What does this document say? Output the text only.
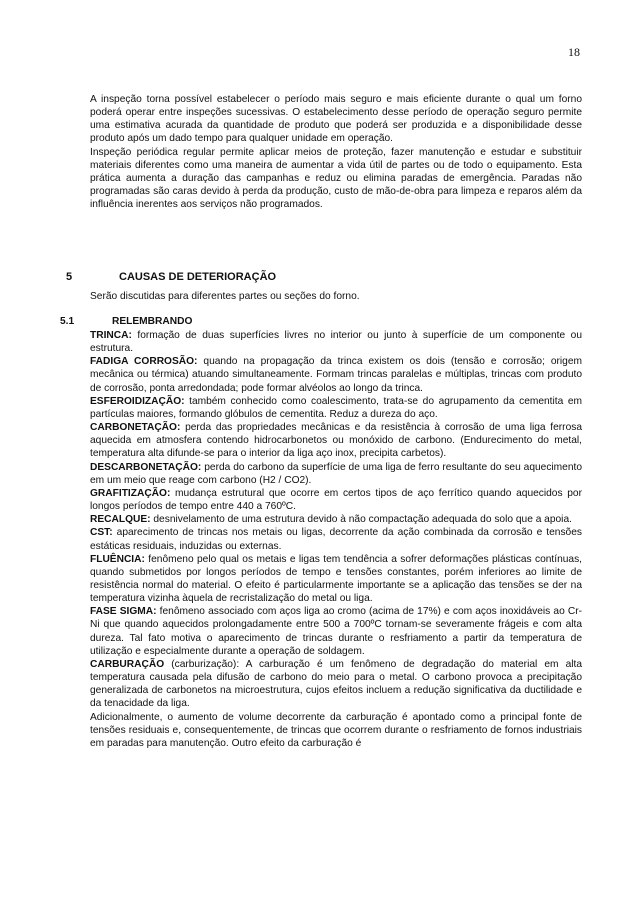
18

A inspeção torna possível estabelecer o período mais seguro e mais eficiente durante o qual um forno poderá operar entre inspeções sucessivas. O estabelecimento desse período de operação seguro permite uma estimativa acurada da quantidade de produto que poderá ser produzida e a disponibilidade desse produto após um dado tempo para qualquer unidade em operação.

Inspeção periódica regular permite aplicar meios de proteção, fazer manutenção e estudar e substituir materiais diferentes como uma maneira de aumentar a vida útil de partes ou de todo o equipamento. Esta prática aumenta a duração das campanhas e reduz ou elimina paradas de emergência. Paradas não programadas são caras devido à perda da produção, custo de mão-de-obra para limpeza e reparos além da influência inerentes aos serviços não programados.

5	CAUSAS DE DETERIORAÇÃO
Serão discutidas para diferentes partes ou seções do forno.
5.1	RELEMBRANDO

TRINCA: formação de duas superfícies livres no interior ou junto à superfície de um componente ou estrutura.

FADIGA CORROSÃO: quando na propagação da trinca existem os dois (tensão e corrosão; origem mecânica ou térmica) atuando simultaneamente. Formam trincas paralelas e múltiplas, trincas com produto de corrosão, ponta arredondada; pode formar alvéolos ao longo da trinca.

ESFEROIDIZAÇÃO: também conhecido como coalescimento, trata-se do agrupamento da cementita em partículas maiores, formando glóbulos de cementita. Reduz a dureza do aço.

CARBONETAÇÃO: perda das propriedades mecânicas e da resistência à corrosão de uma liga ferrosa aquecida em atmosfera contendo hidrocarbonetos ou monóxido de carbono. (Endurecimento do metal, temperatura alta difunde-se para o interior da liga aço inox, precipita carbetos).

DESCARBONETAÇÃO: perda do carbono da superfície de uma liga de ferro resultante do seu aquecimento em um meio que reage com carbono (H2 / CO2).

GRAFITIZAÇÃO: mudança estrutural que ocorre em certos tipos de aço ferrítico quando aquecidos por longos períodos de tempo entre 440 a 760ºC.

RECALQUE: desnivelamento de uma estrutura devido à não compactação adequada do solo que a apoia.

CST: aparecimento de trincas nos metais ou ligas, decorrente da ação combinada da corrosão e tensões estáticas residuais, induzidas ou externas.

FLUÊNCIA: fenômeno pelo qual os metais e ligas tem tendência a sofrer deformações plásticas contínuas, quando submetidos por longos períodos de tempo e tensões constantes, porém inferiores ao limite de resistência normal do material. O efeito é particularmente importante se a aplicação das tensões se der na temperatura vizinha àquela de recristalização do metal ou liga.

FASE SIGMA: fenômeno associado com aços liga ao cromo (acima de 17%) e com aços inoxidáveis ao Cr-Ni que quando aquecidos prolongadamente entre 500 a 700ºC tornam-se severamente frágeis e com alta dureza. Tal fato motiva o aparecimento de trincas durante o resfriamento a partir da temperatura de utilização e especialmente durante a operação de soldagem.

CARBURAÇÃO (carburização): A carburação é um fenômeno de degradação do material em alta temperatura causada pela difusão de carbono do meio para o metal. O carbono provoca a precipitação generalizada de carbonetos na microestrutura, cujos efeitos incluem a redução significativa da ductilidade e da tenacidade da liga.

Adicionalmente, o aumento de volume decorrente da carburação é apontado como a principal fonte de tensões residuais e, consequentemente, de trincas que ocorrem durante o resfriamento de fornos industriais em paradas para manutenção. Outro efeito da carburação é
